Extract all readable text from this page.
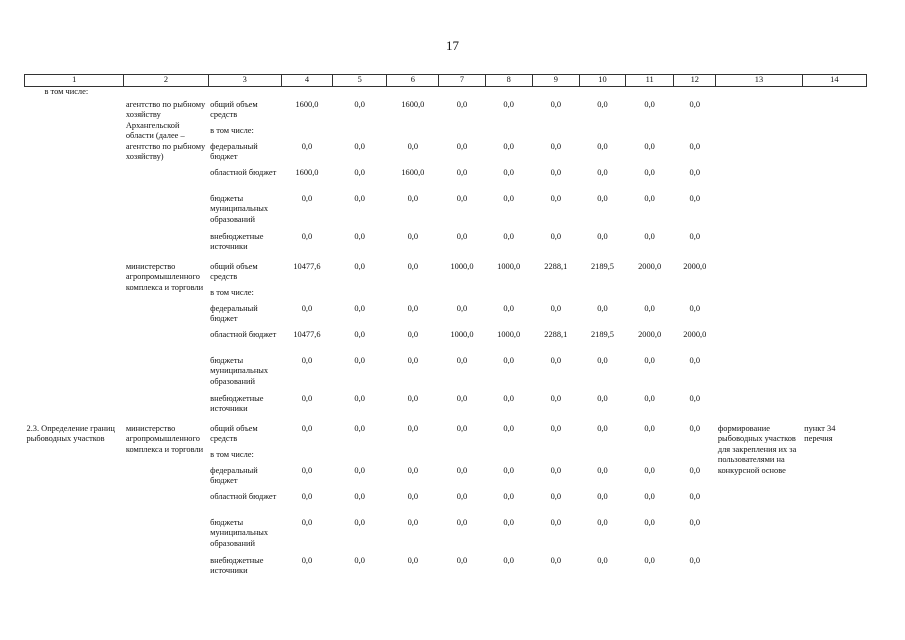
17
1	2	3	4	5	6	7	8	9	10	11	12	13	14
в том числе:													

	агентство по рыбному хозяйству Архангельской области (далее – агентство по рыбному хозяйству)	общий объем средств	1600,0	0,0	1600,0	0,0	0,0	0,0	0,0	0,0	0,0		
		в том числе:											
		федеральный бюджет	0,0	0,0	0,0	0,0	0,0	0,0	0,0	0,0	0,0		
		областной бюджет	1600,0	0,0	1600,0	0,0	0,0	0,0	0,0	0,0	0,0		
		бюджеты муниципальных образований	0,0	0,0	0,0	0,0	0,0	0,0	0,0	0,0	0,0		
		внебюджетные источники	0,0	0,0	0,0	0,0	0,0	0,0	0,0	0,0	0,0		

	министерство агропромышленного комплекса и торговли	общий объем средств	10477,6	0,0	0,0	1000,0	1000,0	2288,1	2189,5	2000,0	2000,0		
		в том числе:											
		федеральный бюджет	0,0	0,0	0,0	0,0	0,0	0,0	0,0	0,0	0,0		
		областной бюджет	10477,6	0,0	0,0	1000,0	1000,0	2288,1	2189,5	2000,0	2000,0		
		бюджеты муниципальных образований	0,0	0,0	0,0	0,0	0,0	0,0	0,0	0,0	0,0		
		внебюджетные источники	0,0	0,0	0,0	0,0	0,0	0,0	0,0	0,0	0,0		

2.3. Определение границ рыбоводных участков	министерство агропромышленного комплекса и торговли	общий объем средств	0,0	0,0	0,0	0,0	0,0	0,0	0,0	0,0	0,0	формирование рыбоводных участков для закрепления их за пользователями на конкурсной основе	пункт 34 перечня
		в том числе:											
		федеральный бюджет	0,0	0,0	0,0	0,0	0,0	0,0	0,0	0,0	0,0		
		областной бюджет	0,0	0,0	0,0	0,0	0,0	0,0	0,0	0,0	0,0		
		бюджеты муниципальных образований	0,0	0,0	0,0	0,0	0,0	0,0	0,0	0,0	0,0		
		внебюджетные источники	0,0	0,0	0,0	0,0	0,0	0,0	0,0	0,0	0,0		
